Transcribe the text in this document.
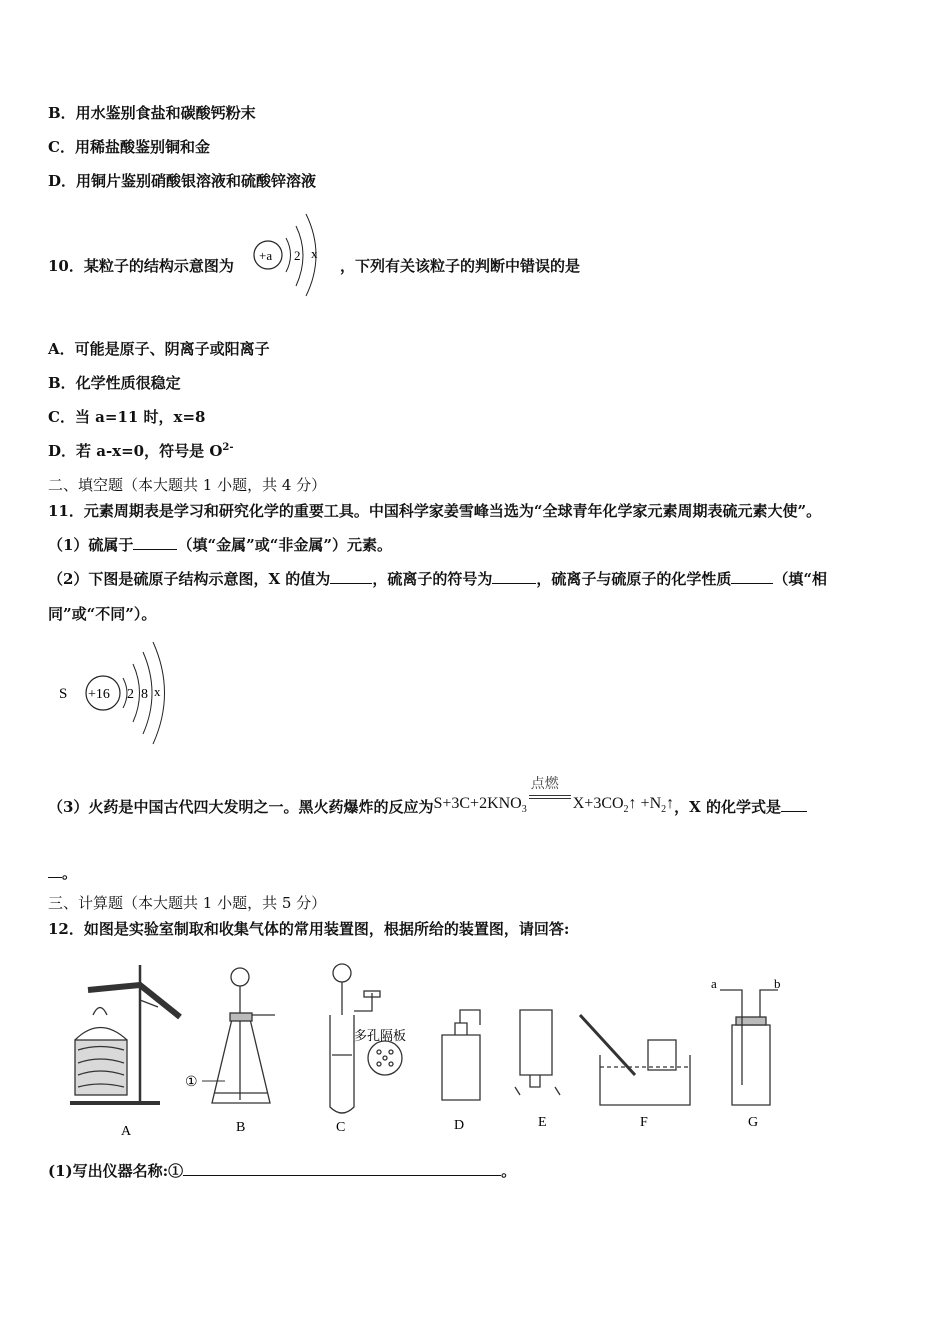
B．用水鉴别食盐和碳酸钙粉末
C．用稀盐酸鉴别铜和金
D．用铜片鉴别硝酸银溶液和硫酸锌溶液
10．某粒子的结构示意图为
+a 2 x
，下列有关该粒子的判断中错误的是
A．可能是原子、阴离子或阳离子
B．化学性质很稳定
C．当 a=11 时，x=8
D．若 a-x=0，符号是 $O^{2-}$
二、填空题（本大题共 1 小题，共 4 分）
11．元素周期表是学习和研究化学的重要工具。中国科学家姜雪峰当选为“全球青年化学家元素周期表硫元素大使”。
（1）硫属于	（填“金属”或“非金属”）元素。
（2）下图是硫原子结构示意图，X 的值为	，硫离子的符号为	，硫离子与硫原子的化学性质	（填“相
同”或“不同”）。
S +16 2 8 x
（3）火药是中国古代四大发明之一。黑火药爆炸的反应为$S+3C+2KNO_3$
点燃
$X+3CO_2↑$ $+N_2↑$，X 的化学式是
。
三、计算题（本大题共 1 小题，共 5 分）
12．如图是实验室制取和收集气体的常用装置图，根据所给的装置图，请回答:
A	B	C	D	E	F	G
①
多孔隔板
a	b
(1)写出仪器名称:①	。
